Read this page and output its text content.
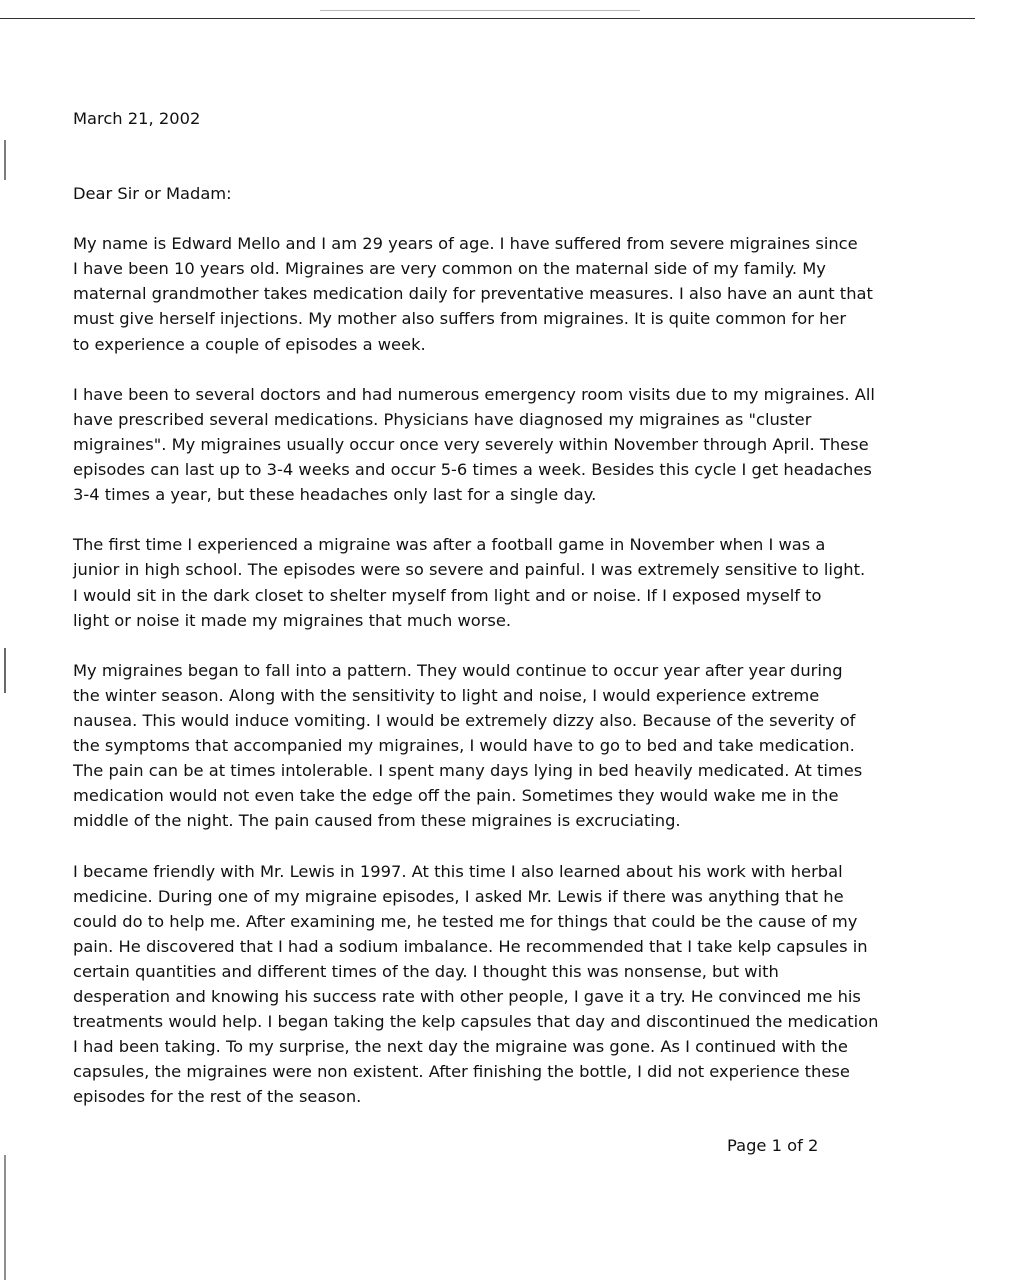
March 21, 2002

Dear Sir or Madam:

My name is Edward Mello and I am 29 years of age. I have suffered from severe migraines since
I have been 10 years old. Migraines are very common on the maternal side of my family. My
maternal grandmother takes medication daily for preventative measures. I also have an aunt that
must give herself injections. My mother also suffers from migraines. It is quite common for her
to experience a couple of episodes a week.

I have been to several doctors and had numerous emergency room visits due to my migraines. All
have prescribed several medications. Physicians have diagnosed my migraines as "cluster
migraines". My migraines usually occur once very severely within November through April. These
episodes can last up to 3-4 weeks and occur 5-6 times a week. Besides this cycle I get headaches
3-4 times a year, but these headaches only last for a single day.

The first time I experienced a migraine was after a football game in November when I was a
junior in high school. The episodes were so severe and painful. I was extremely sensitive to light.
I would sit in the dark closet to shelter myself from light and or noise. If I exposed myself to
light or noise it made my migraines that much worse.

My migraines began to fall into a pattern. They would continue to occur year after year during
the winter season. Along with the sensitivity to light and noise, I would experience extreme
nausea. This would induce vomiting. I would be extremely dizzy also. Because of the severity of
the symptoms that accompanied my migraines, I would have to go to bed and take medication.
The pain can be at times intolerable. I spent many days lying in bed heavily medicated. At times
medication would not even take the edge off the pain. Sometimes they would wake me in the
middle of the night. The pain caused from these migraines is excruciating.

I became friendly with Mr. Lewis in 1997. At this time I also learned about his work with herbal
medicine. During one of my migraine episodes, I asked Mr. Lewis if there was anything that he
could do to help me. After examining me, he tested me for things that could be the cause of my
pain. He discovered that I had a sodium imbalance. He recommended that I take kelp capsules in
certain quantities and different times of the day. I thought this was nonsense, but with
desperation and knowing his success rate with other people, I gave it a try. He convinced me his
treatments would help. I began taking the kelp capsules that day and discontinued the medication
I had been taking. To my surprise, the next day the migraine was gone. As I continued with the
capsules, the migraines were non existent. After finishing the bottle, I did not experience these
episodes for the rest of the season.

Page 1 of 2
